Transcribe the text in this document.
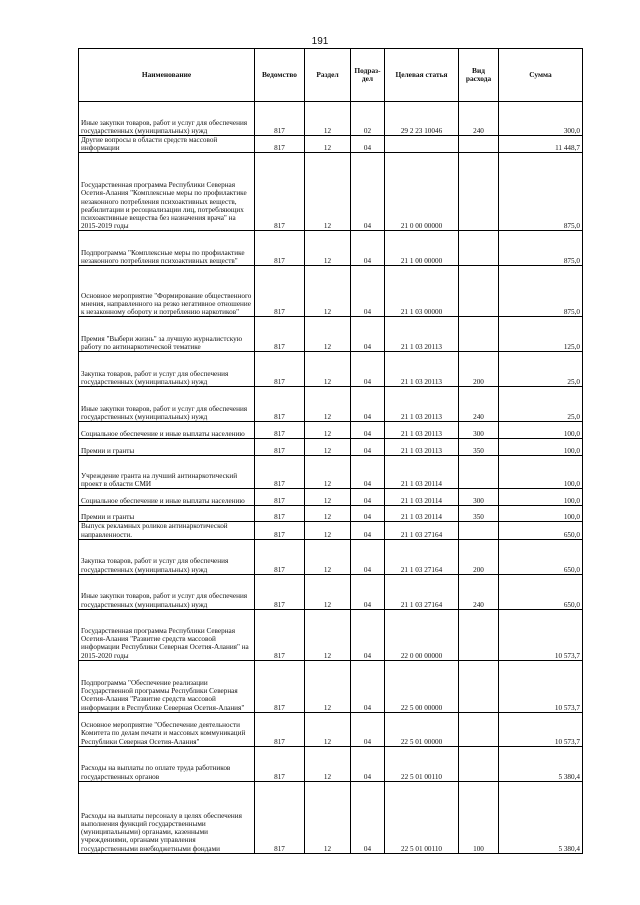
191
Наименование	Ведомство	Раздел	Подраз-дел	Целевая статья	Вид расхода	Сумма
Иные закупки товаров, работ и услуг для обеспечения государственных (муниципальных) нужд	817	12	02	29 2 23 10046	240	300,0
Другие вопросы в области средств массовой информации	817	12	04			11 448,7
Государственная программа Республики Северная Осетия-Алания "Комплексные меры по профилактике незаконного потребления психоактивных веществ, реабилитации и ресоциализации лиц, потребляющих психоактивные вещества без назначения врача" на 2015-2019 годы	817	12	04	21 0 00 00000		875,0
Подпрограмма "Комплексные меры по профилактике незаконного потребления психоактивных веществ"	817	12	04	21 1 00 00000		875,0
Основное мероприятие "Формирование общественного мнения, направленного на резко негативное отношение к незаконному обороту и потреблению наркотиков"	817	12	04	21 1 03 00000		875,0
Премия "Выбери жизнь" за лучшую журналистскую работу по антинаркотической тематике	817	12	04	21 1 03 20113		125,0
Закупка товаров, работ и услуг для обеспечения государственных (муниципальных) нужд	817	12	04	21 1 03 20113	200	25,0
Иные закупки товаров, работ и услуг для обеспечения государственных (муниципальных) нужд	817	12	04	21 1 03 20113	240	25,0
Социальное обеспечение и иные выплаты населению	817	12	04	21 1 03 20113	300	100,0
Премии и гранты	817	12	04	21 1 03 20113	350	100,0
Учреждение гранта на лучший антинаркотический проект в области СМИ	817	12	04	21 1 03 20114		100,0
Социальное обеспечение и иные выплаты населению	817	12	04	21 1 03 20114	300	100,0
Премии и гранты	817	12	04	21 1 03 20114	350	100,0
Выпуск рекламных роликов антинаркотической направленности.	817	12	04	21 1 03 27164		650,0
Закупка товаров, работ и услуг для обеспечения государственных (муниципальных) нужд	817	12	04	21 1 03 27164	200	650,0
Иные закупки товаров, работ и услуг для обеспечения государственных (муниципальных) нужд	817	12	04	21 1 03 27164	240	650,0
Государственная программа Республики Северная Осетия-Алания "Развитие средств массовой информации Республики Северная Осетия-Алания" на 2015-2020 годы	817	12	04	22 0 00 00000		10 573,7
Подпрограмма "Обеспечение реализации Государственной программы Республики Северная Осетия-Алания "Развитие средств массовой информации в Республике Северная Осетия-Алания"	817	12	04	22 5 00 00000		10 573,7
Основное мероприятие "Обеспечение деятельности Комитета по делам печати и массовых коммуникаций Республики Северная Осетия-Алания"	817	12	04	22 5 01 00000		10 573,7
Расходы на выплаты по оплате труда работников государственных органов	817	12	04	22 5 01 00110		5 380,4
Расходы на выплаты персоналу в целях обеспечения выполнения функций государственными (муниципальными) органами, казенными учреждениями, органами управления государственными внебюджетными фондами	817	12	04	22 5 01 00110	100	5 380,4
